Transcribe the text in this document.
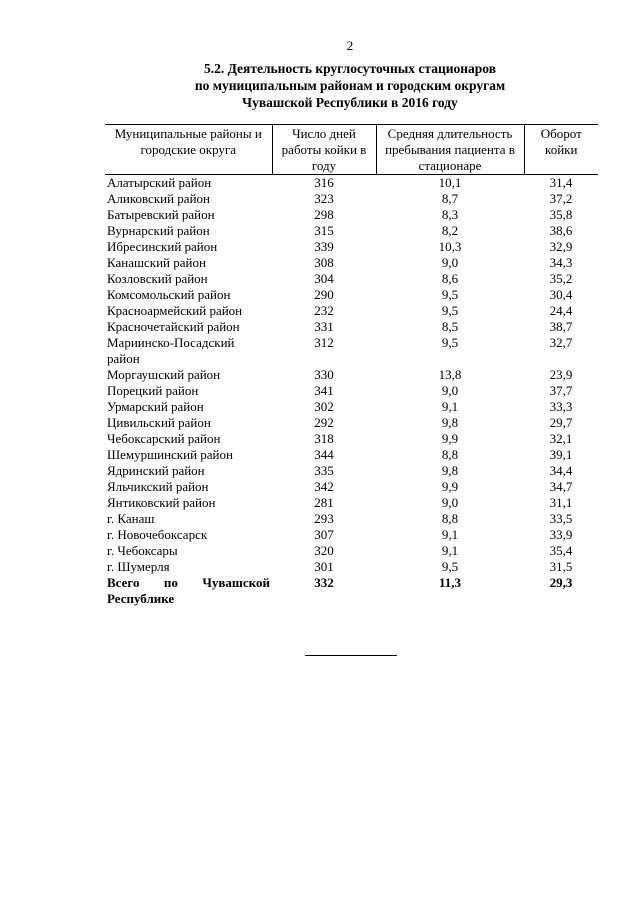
2
5.2. Деятельность круглосуточных стационаров
по муниципальным районам и городским округам
Чувашской Республики в 2016 году
Муниципальные районы и городские округа	Число дней работы койки в году	Средняя длительность пребывания пациента в стационаре	Оборот койки
Алатырский район	316	10,1	31,4
Аликовский район	323	8,7	37,2
Батыревский район	298	8,3	35,8
Вурнарский район	315	8,2	38,6
Ибресинский район	339	10,3	32,9
Канашский район	308	9,0	34,3
Козловский район	304	8,6	35,2
Комсомольский район	290	9,5	30,4
Красноармейский район	232	9,5	24,4
Красночетайский район	331	8,5	38,7
Мариинско-Посадский район	312	9,5	32,7
Моргаушский район	330	13,8	23,9
Порецкий район	341	9,0	37,7
Урмарский район	302	9,1	33,3
Цивильский район	292	9,8	29,7
Чебоксарский район	318	9,9	32,1
Шемуршинский район	344	8,8	39,1
Ядринский район	335	9,8	34,4
Яльчикский район	342	9,9	34,7
Янтиковский район	281	9,0	31,1
г. Канаш	293	8,8	33,5
г. Новочебоксарск	307	9,1	33,9
г. Чебоксары	320	9,1	35,4
г. Шумерля	301	9,5	31,5

Всего по Чувашской
Республике	332	11,3	29,3
